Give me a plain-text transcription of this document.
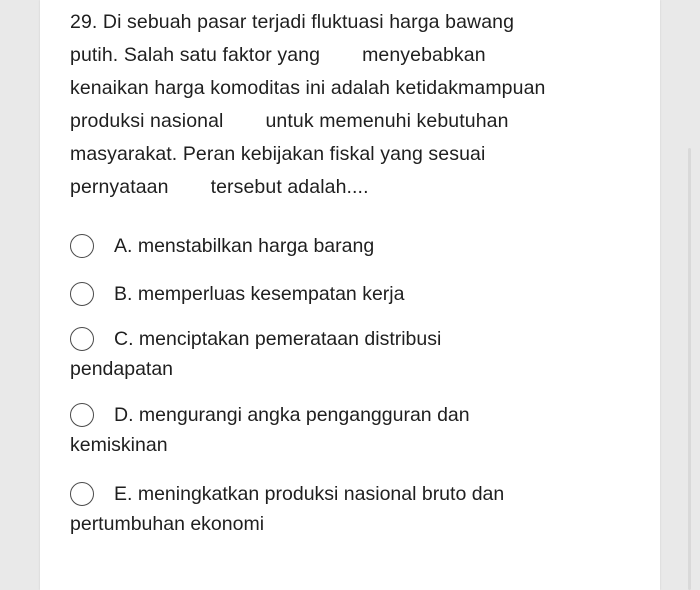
29. Di sebuah pasar terjadi fluktuasi harga bawang
putih. Salah satu faktor yang menyebabkan
kenaikan harga komoditas ini adalah ketidakmampuan
produksi nasional untuk memenuhi kebutuhan
masyarakat. Peran kebijakan fiskal yang sesuai
pernyataan tersebut adalah....
A. menstabilkan harga barang
B. memperluas kesempatan kerja
C. menciptakan pemerataan distribusi
pendapatan
D. mengurangi angka pengangguran dan
kemiskinan
E. meningkatkan produksi nasional bruto dan
pertumbuhan ekonomi
